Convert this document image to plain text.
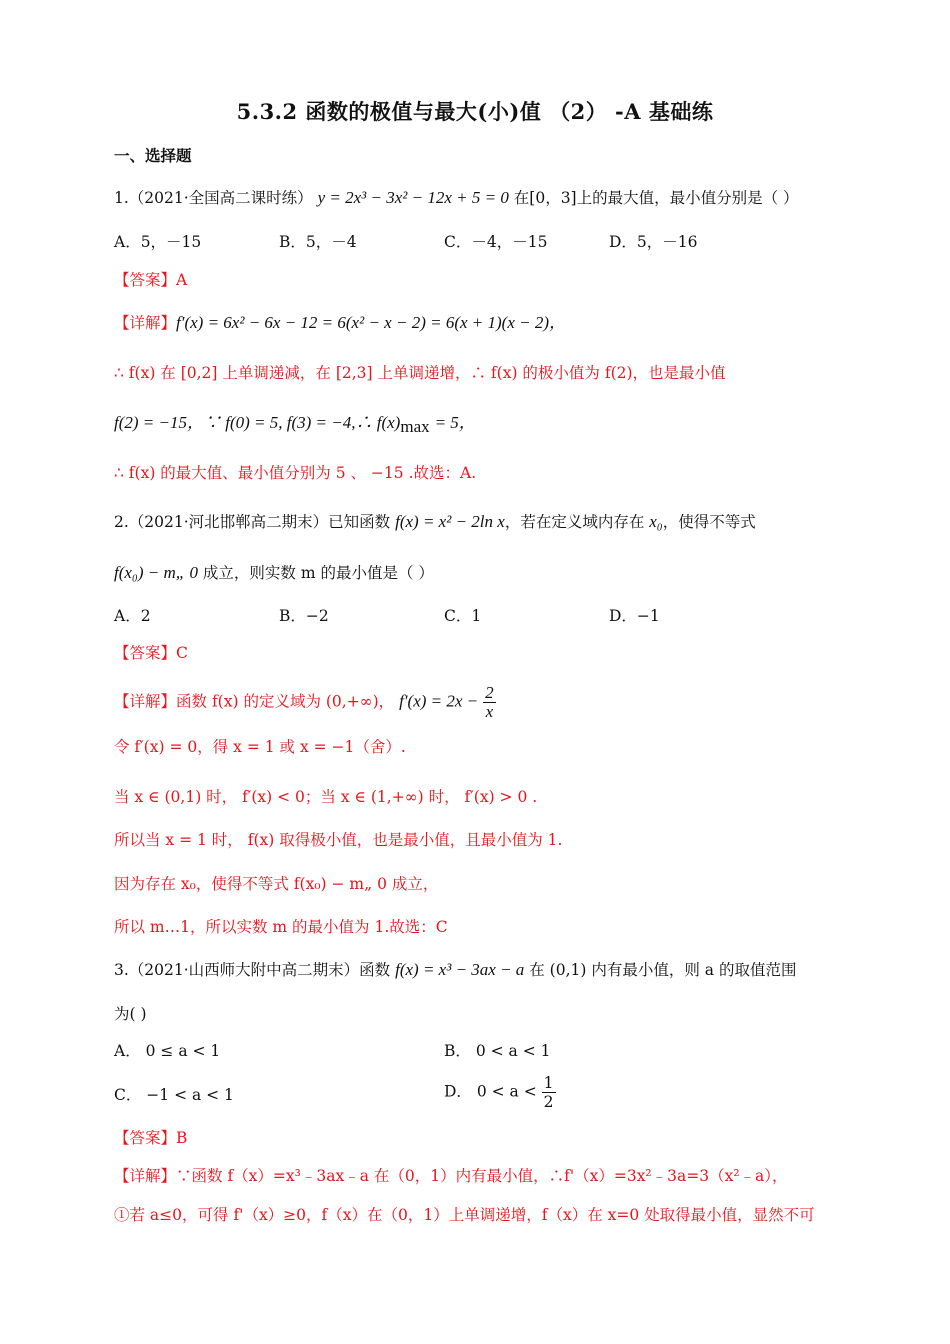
5.3.2 函数的极值与最大(小)值 （2） -A 基础练
一、选择题
1.（2021·全国高二课时练） y = 2x³ − 3x² − 12x + 5 = 0 在[0，3]上的最大值，最小值分别是（ ）
A．5，－15	B．5，－4	C．－4，－15	D．5，－16
【答案】A
【详解】f′(x) = 6x² − 6x − 12 = 6(x² − x − 2) = 6(x + 1)(x − 2)，
∴ f(x) 在 [0,2] 上单调递减，在 [2,3] 上单调递增，∴ f(x) 的极小值为 f(2)，也是最小值
f(2) = −15，∵ f(0) = 5, f(3) = −4,∴ $f(x)_{max} = 5$，
∴ f(x) 的最大值、最小值分别为 5 、 −15 .故选：A.
2.（2021·河北邯郸高二期末）已知函数 f(x) = x² − 2ln x，若在定义域内存在 x₀，使得不等式
f(x₀) − m„ 0 成立，则实数 m 的最小值是（ ）
A．2	B．−2	C．1	D．−1
【答案】C
【详解】函数 f(x) 的定义域为 (0,+∞)， $f'(x) = 2x - \frac{2}{x}$
令 f′(x) = 0，得 x = 1 或 x = −1（舍）.
当 x ∈ (0,1) 时， f′(x) < 0；当 x ∈ (1,+∞) 时， f′(x) > 0 .
所以当 x = 1 时， f(x) 取得极小值，也是最小值，且最小值为 1.
因为存在 x₀，使得不等式 f(x₀) − m„ 0 成立，
所以 m…1，所以实数 m 的最小值为 1.故选：C
3.（2021·山西师大附中高二期末）函数 f(x) = x³ − 3ax − a 在 (0,1) 内有最小值，则 a 的取值范围
为( )
A． 0 ≤ a < 1	B． 0 < a < 1
C． −1 < a < 1	D． $0 < a < \frac{1}{2}$
【答案】B
【详解】∵函数 f（x）=x³﹣3ax﹣a 在（0，1）内有最小值，∴f'（x）=3x²﹣3a=3（x²﹣a），
①若 a≤0，可得 f'（x）≥0，f（x）在（0，1）上单调递增，f（x）在 x=0 处取得最小值，显然不可
